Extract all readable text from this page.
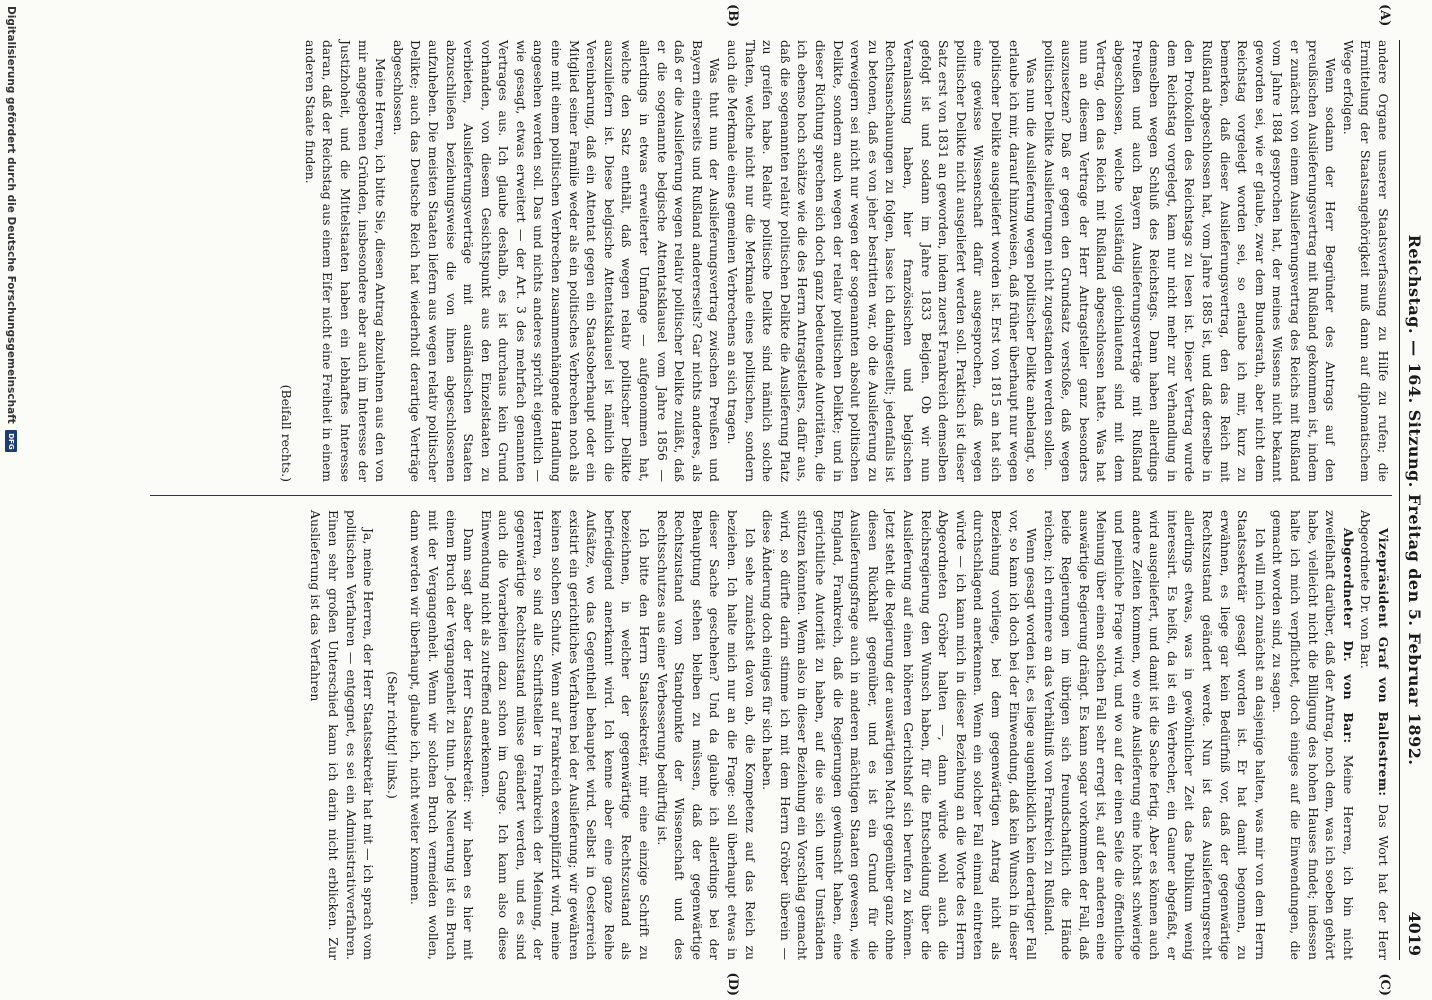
Reichstag. — 164. Sitzung. Freitag den 5. Februar 1892.
4019
(A)
(B)
(C)
(D)

andere Organe unserer Staatsverfassung zu Hilfe zu rufen; die Ermittelung der Staatsangehörigkeit muß dann auf diplomatischem Wege erfolgen.

Wenn sodann der Herr Begründer des Antrags auf den preußischen Auslieferungsvertrag mit Rußland gekommen ist, indem er zunächst von einem Auslieferungsvertrag des Reichs mit Rußland vom Jahre 1884 gesprochen hat, der meines Wissens nicht bekannt geworden sei, wie er glaube, zwar dem Bundesrath, aber nicht dem Reichstag vorgelegt worden sei, so erlaube ich mir, kurz zu bemerken, daß dieser Auslieferungsvertrag, den das Reich mit Rußland abgeschlossen hat, vom Jahre 1885 ist, und daß derselbe in den Protokollen des Reichstags zu lesen ist. Dieser Vertrag wurde dem Reichstag vorgelegt, kam nur nicht mehr zur Verhandlung in demselben wegen Schluß des Reichstags. Dann haben allerdings Preußen und auch Bayern Auslieferungsverträge mit Rußland abgeschlossen, welche vollständig gleichlautend sind mit dem Vertrag, den das Reich mit Rußland abgeschlossen hatte. Was hat nun an diesem Vertrage der Herr Antragsteller ganz besonders auszusetzen? Daß er gegen den Grundsatz verstoße, daß wegen politischer Delikte Auslieferungen nicht zugestanden werden sollen.

Was nun die Auslieferung wegen politischer Delikte anbelangt, so erlaube ich mir, darauf hinzuweisen, daß früher überhaupt nur wegen politischer Delikte ausgeliefert worden ist. Erst von 1815 an hat sich eine gewisse Wissenschaft dafür ausgesprochen, daß wegen politischer Delikte nicht ausgeliefert werden soll. Praktisch ist dieser Satz erst von 1831 an geworden, indem zuerst Frankreich demselben gefolgt ist und sodann im Jahre 1833 Belgien. Ob wir nun Veranlassung haben, hier französischen und belgischen Rechtsanschauungen zu folgen, lasse ich dahingestellt; jedenfalls ist zu betonen, daß es von jeher bestritten war, ob die Auslieferung zu verweigern sei nicht nur wegen der sogenannten absolut politischen Delikte, sondern auch wegen der relativ politischen Delikte; und in dieser Richtung sprechen sich doch ganz bedeutende Autoritäten, die ich ebenso hoch schätze wie die des Herrn Antragstellers, dafür aus, daß die sogenannten relativ politischen Delikte die Auslieferung Platz zu greifen habe. Relativ politische Delikte sind nämlich solche Thaten, welche nicht nur die Merkmale eines politischen, sondern auch die Merkmale eines gemeinen Verbrechens an sich tragen.

Was thut nun der Auslieferungsvertrag zwischen Preußen und Bayern einerseits und Rußland andererseits? Gar nichts anderes, als daß er die Auslieferung wegen relativ politischer Delikte zuläßt, daß er die sogenannte belgische Attentatsklausel vom Jahre 1856 — allerdings in etwas erweiterter Umfange — aufgenommen hat, welche den Satz enthält, daß wegen relativ politischer Delikte auszuliefern ist. Diese belgische Attentatsklausel ist nämlich die Vereinbarung, daß ein Attentat gegen ein Staatsoberhaupt oder ein Mitglied seiner Familie weder als ein politisches Verbrechen noch als eine mit einem politischen Verbrechen zusammenhängende Handlung angesehen werden soll. Das und nichts anderes spricht eigentlich — wie gesagt, etwas erweitert — der Art. 3 des mehrfach genannten Vertrages aus. Ich glaube deshalb, es ist durchaus kein Grund vorhanden, von diesem Gesichtspunkt aus den Einzelstaaten zu verbieten, Auslieferungsverträge mit ausländischen Staaten abzuschließen beziehungsweise die von ihnen abgeschlossenen aufzuheben. Die meisten Staaten liefern aus wegen relativ politischer Delikte; auch das Deutsche Reich hat wiederholt derartige Verträge abgeschlossen.

Meine Herren, ich bitte Sie, diesen Antrag abzulehnen aus den von mir angegebenen Gründen, insbesondere aber auch im Interesse der Justizhoheit, und die Mittelstaaten haben ein lebhaftes Interesse daran, daß der Reichstag aus einem Eifer nicht eine Freiheit in einem anderen Staate finden.

(Beifall rechts.)

Vizepräsident Graf von Ballestrem: Das Wort hat der Herr Abgeordnete Dr. von Bar.

Abgeordneter Dr. von Bar: Meine Herren, ich bin nicht zweifelhaft darüber, daß der Antrag, noch dem, was ich soeben gehört habe, vielleicht nicht die Billigung des hohen Hauses findet; indessen halte ich mich verpflichtet, doch einiges auf die Einwendungen, die gemacht worden sind, zu sagen.

Ich will mich zunächst an dasjenige halten, was mir von dem Herrn Staatssekretär gesagt worden ist. Er hat damit begonnen, zu erwähnen, es liege gar kein Bedürfniß vor, daß der gegenwärtige Rechtszustand geändert werde. Nun ist das Auslieferungsrecht allerdings etwas, was in gewöhnlicher Zeit das Publikum wenig interessirt. Es heißt, da ist ein Verbrecher, ein Gauner abgefaßt, er wird ausgeliefert, und damit ist die Sache fertig. Aber es können auch andere Zeiten kommen, wo eine Auslieferung eine höchst schwierige und peinliche Frage wird, und wo auf der einen Seite die öffentliche Meinung über einen solchen Fall sehr erregt ist, auf der anderen eine auswärtige Regierung drängt. Es kann sogar vorkommen der Fall, daß beide Regierungen im übrigen sich freundschaftlich die Hände reichen; ich erinnere an das Verhältniß von Frankreich zu Rußland.

Wenn gesagt worden ist, es liege augenblicklich kein derartiger Fall vor, so kann ich doch bei der Einwendung, daß kein Wunsch in dieser Beziehung vorliege, bei dem gegenwärtigen Antrag nicht als durchschlagend anerkennen. Wenn ein solcher Fall einmal eintreten würde — ich kann mich in dieser Beziehung an die Worte des Herrn Abgeordneten Gröber halten —, dann würde wohl auch die Reichsregierung den Wunsch haben, für die Entscheidung über die Auslieferung auf einen höheren Gerichtshof sich berufen zu können. Jetzt steht die Regierung der auswärtigen Macht gegenüber ganz ohne diesen Rückhalt gegenüber, und es ist ein Grund für die Auslieferungsfrage auch in anderen mächtigen Staaten gewesen, wie England, Frankreich, daß die Regierungen gewünscht haben, eine gerichtliche Autorität zu haben, auf die sie sich unter Umständen stützen könnten. Wenn also in dieser Beziehung ein Vorschlag gemacht wird, so dürfte darin stimme ich mit dem Herrn Gröber überein — diese Änderung doch einiges für sich haben.

Ich sehe zunächst davon ab, die Kompetenz auf das Reich zu beziehen. Ich halte mich nur an die Frage: soll überhaupt etwas in dieser Sache geschehen? Und da glaube ich allerdings bei der Behauptung stehen bleiben zu müssen, daß der gegenwärtige Rechtszustand vom Standpunkte der Wissenschaft und des Rechtsschutzes aus einer Verbesserung bedürftig ist.

Ich bitte den Herrn Staatssekretär, mir eine einzige Schrift zu bezeichnen, in welcher der gegenwärtige Rechtszustand als befriedigend anerkannt wird. Ich kenne aber eine ganze Reihe Aufsätze, wo das Gegentheil behauptet wird. Selbst in Oesterreich existirt ein gerichtliches Verfahren bei der Auslieferung; wir gewähren keinen solchen Schutz. Wenn auf Frankreich exemplifizirt wird, meine Herren, so sind alle Schriftsteller in Frankreich der Meinung, der gegenwärtige Rechtszustand müsse geändert werden, und es sind auch die Vorarbeiten dazu schon im Gange. Ich kann also diese Einwendung nicht als zutreffend anerkennen.

Dann sagt aber der Herr Staatssekretär: wir haben es hier mit einem Bruch der Vergangenheit zu thun. Jede Neuerung ist ein Bruch mit der Vergangenheit. Wenn wir solchen Bruch vermeiden wollen, dann werden wir überhaupt, glaube ich, nicht weiter kommen.

(Sehr richtig! links.)

Ja, meine Herren, der Herr Staatssekretär hat mit — ich sprach vom politischen Verfahren — entgegnet, es sei ein Administrativverfahren. Einen sehr großen Unterschied kann ich darin nicht erblicken. Zur Auslieferung ist das Verfahren

Digitalisierung gefördert durch die Deutsche Forschungsgemeinschaft DFG
